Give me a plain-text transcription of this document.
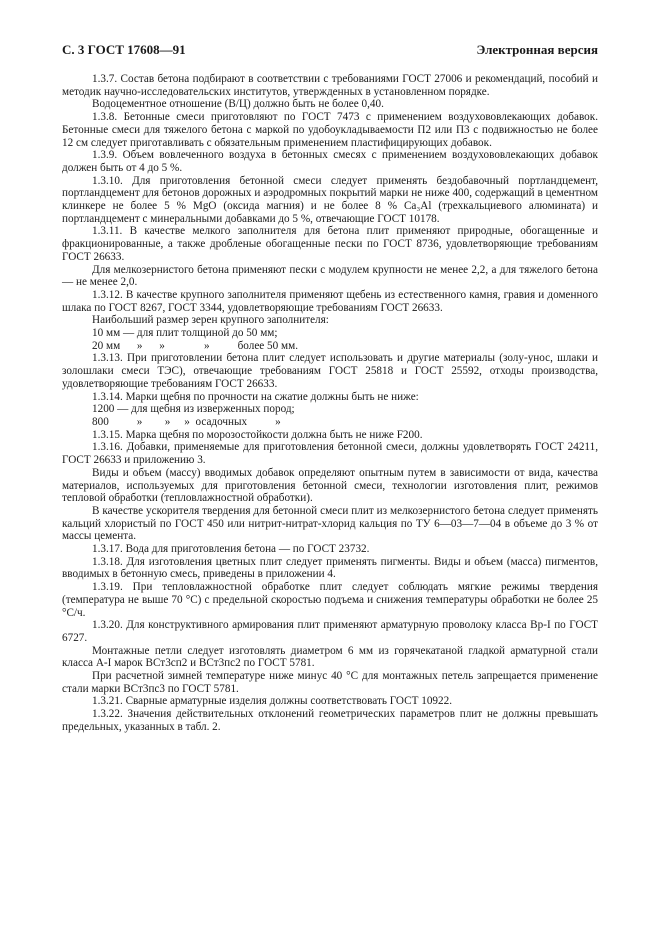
С. 3 ГОСТ 17608—91	Электронная версия

1.3.7. Состав бетона подбирают в соответствии с требованиями ГОСТ 27006 и рекомендаций, пособий и методик научно-исследовательских институтов, утвержденных в установленном порядке.

Водоцементное отношение (В/Ц) должно быть не более 0,40.

1.3.8. Бетонные смеси приготовляют по ГОСТ 7473 с применением воздухововлекающих добавок. Бетонные смеси для тяжелого бетона с маркой по удобоукладываемости П2 или П3 с подвижностью не более 12 см следует приготавливать с обязательным применением пластифицирующих добавок.

1.3.9. Объем вовлеченного воздуха в бетонных смесях с применением воздухововлекающих добавок должен быть от 4 до 5 %.

1.3.10. Для приготовления бетонной смеси следует применять бездобавочный портландцемент, портландцемент для бетонов дорожных и аэродромных покрытий марки не ниже 400, содержащий в цементном клинкере не более 5 % MgO (оксида магния) и не более 8 % Ca₃Al (трехкальциевого алюмината) и портландцемент с минеральными добавками до 5 %, отвечающие ГОСТ 10178.

1.3.11. В качестве мелкого заполнителя для бетона плит применяют природные, обогащенные и фракционированные, а также дробленые обогащенные пески по ГОСТ 8736, удовлетворяющие требованиям ГОСТ 26633.

Для мелкозернистого бетона применяют пески с модулем крупности не менее 2,2, а для тяжелого бетона — не менее 2,0.

1.3.12. В качестве крупного заполнителя применяют щебень из естественного камня, гравия и доменного шлака по ГОСТ 8267, ГОСТ 3344, удовлетворяющие требованиям ГОСТ 26633.

Наибольший размер зерен крупного заполнителя:

10 мм — для плит толщиной до 50 мм;

20 мм      »      »              »          более 50 мм.

1.3.13. При приготовлении бетона плит следует использовать и другие материалы (золу-унос, шлаки и золошлаки смеси ТЭС), отвечающие требованиям ГОСТ 25818 и ГОСТ 25592, отходы производства, удовлетворяющие требованиям ГОСТ 26633.

1.3.14. Марки щебня по прочности на сжатие должны быть не ниже:

1200 — для щебня из изверженных пород;

800          »        »     »  осадочных          »

1.3.15. Марка щебня по морозостойкости должна быть не ниже F200.

1.3.16. Добавки, применяемые для приготовления бетонной смеси, должны удовлетворять ГОСТ 24211, ГОСТ 26633 и приложению 3.

Виды и объем (массу) вводимых добавок определяют опытным путем в зависимости от вида, качества материалов, используемых для приготовления бетонной смеси, технологии изготовления плит, режимов тепловой обработки (тепловлажностной обработки).

В качестве ускорителя твердения для бетонной смеси плит из мелкозернистого бетона следует применять кальций хлористый по ГОСТ 450 или нитрит-нитрат-хлорид кальция по ТУ 6—03—7—04 в объеме до 3 % от массы цемента.

1.3.17. Вода для приготовления бетона — по ГОСТ 23732.

1.3.18. Для изготовления цветных плит следует применять пигменты. Виды и объем (масса) пигментов, вводимых в бетонную смесь, приведены в приложении 4.

1.3.19. При тепловлажностной обработке плит следует соблюдать мягкие режимы твердения (температура не выше 70 °С) с предельной скоростью подъема и снижения температуры обработки не более 25 °С/ч.

1.3.20. Для конструктивного армирования плит применяют арматурную проволоку класса Вр-I по ГОСТ 6727.

Монтажные петли следует изготовлять диаметром 6 мм из горячекатаной гладкой арматурной стали класса А-I марок ВСт3сп2 и ВСт3пс2 по ГОСТ 5781.

При расчетной зимней температуре ниже минус 40 °С для монтажных петель запрещается применение стали марки ВСт3пс3 по ГОСТ 5781.

1.3.21. Сварные арматурные изделия должны соответствовать ГОСТ 10922.

1.3.22. Значения действительных отклонений геометрических параметров плит не должны превышать предельных, указанных в табл. 2.
